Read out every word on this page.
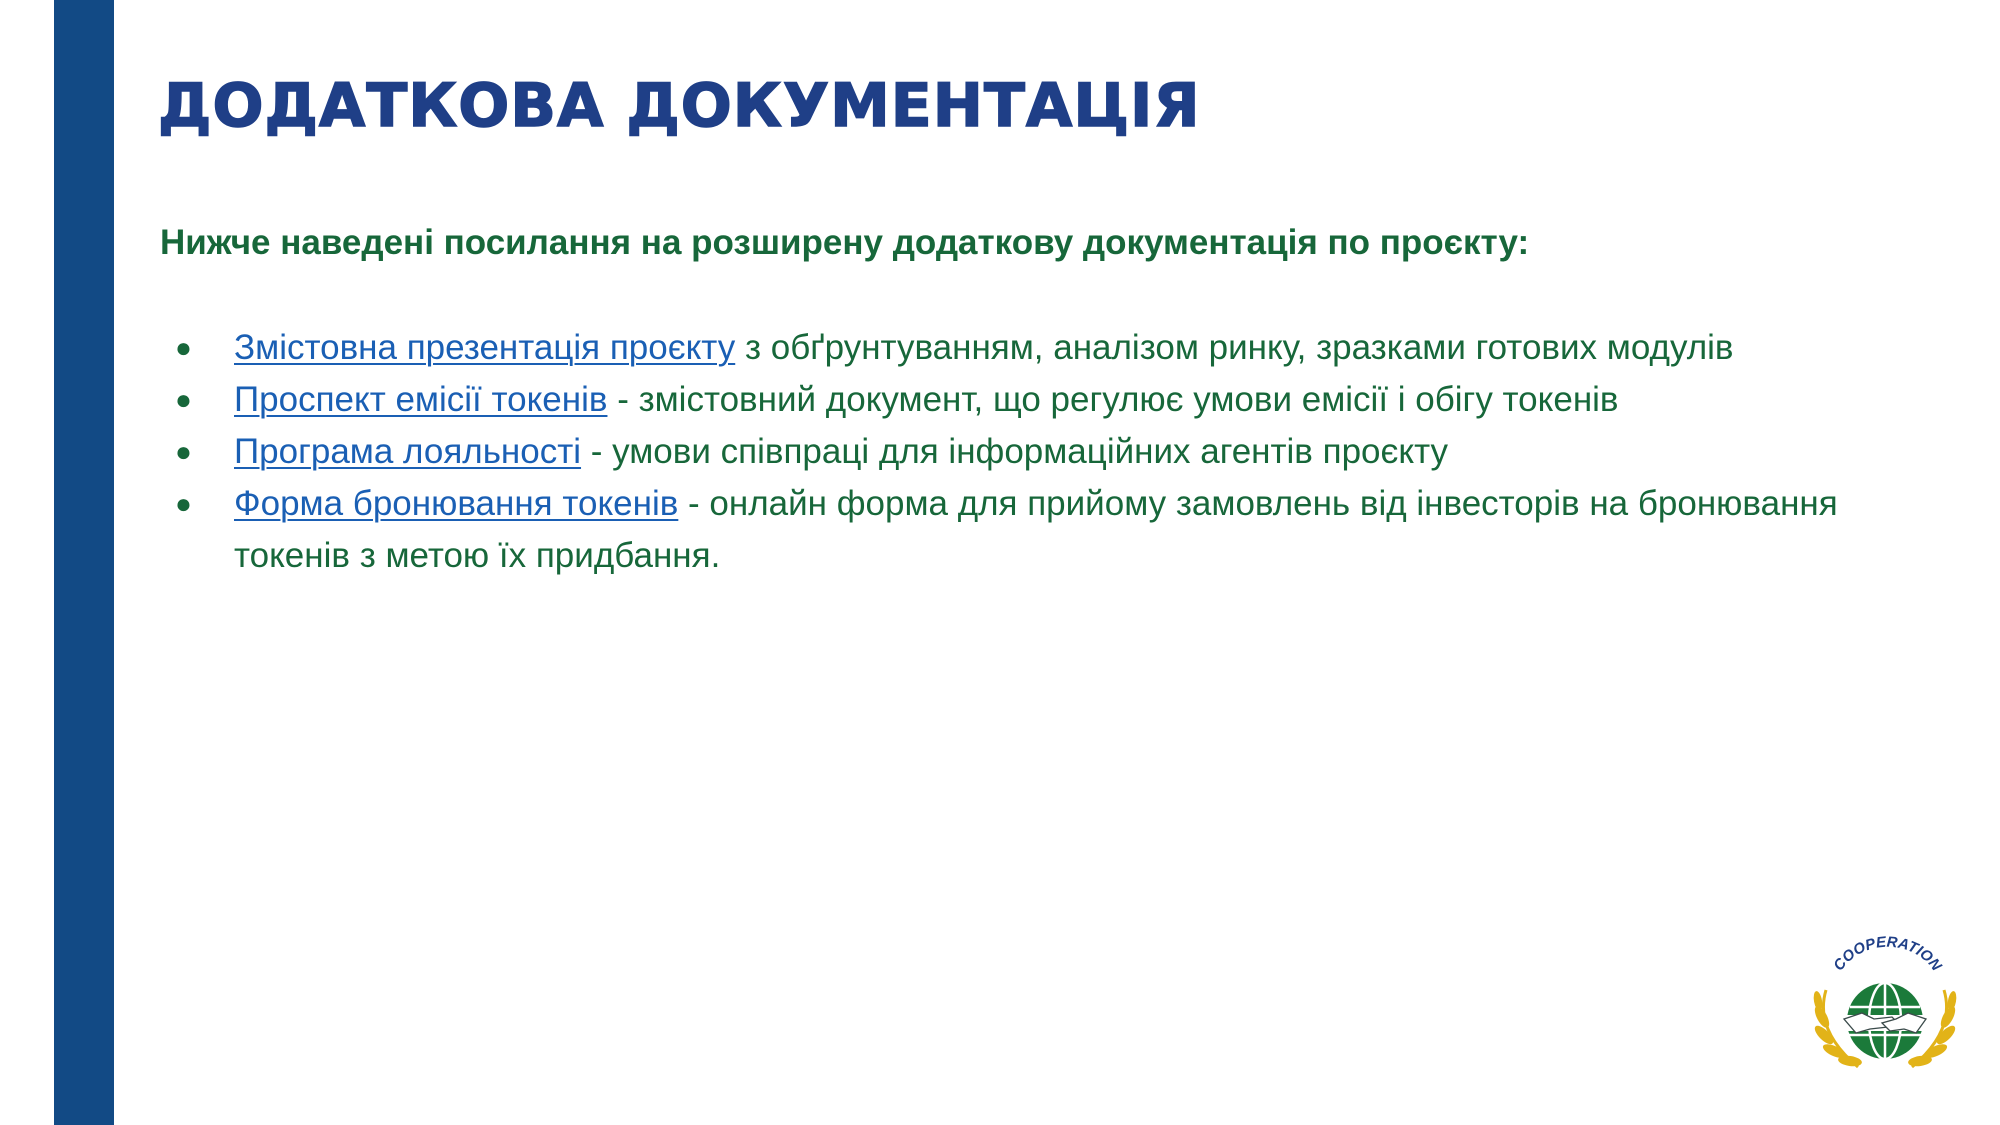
ДОДАТКОВА ДОКУМЕНТАЦІЯ

Нижче наведені посилання на розширену додаткову документація по проєкту:

●	Змістовна презентація проєкту з обґрунтуванням, аналізом ринку, зразками готових модулів
●	Проспект емісії токенів - змістовний документ, що регулює умови емісії і обігу токенів
●	Програма лояльності - умови співпраці для інформаційних агентів проєкту
●	Форма бронювання токенів - онлайн форма для прийому замовлень від інвесторів на бронювання токенів з метою їх придбання.
COOPERATION
